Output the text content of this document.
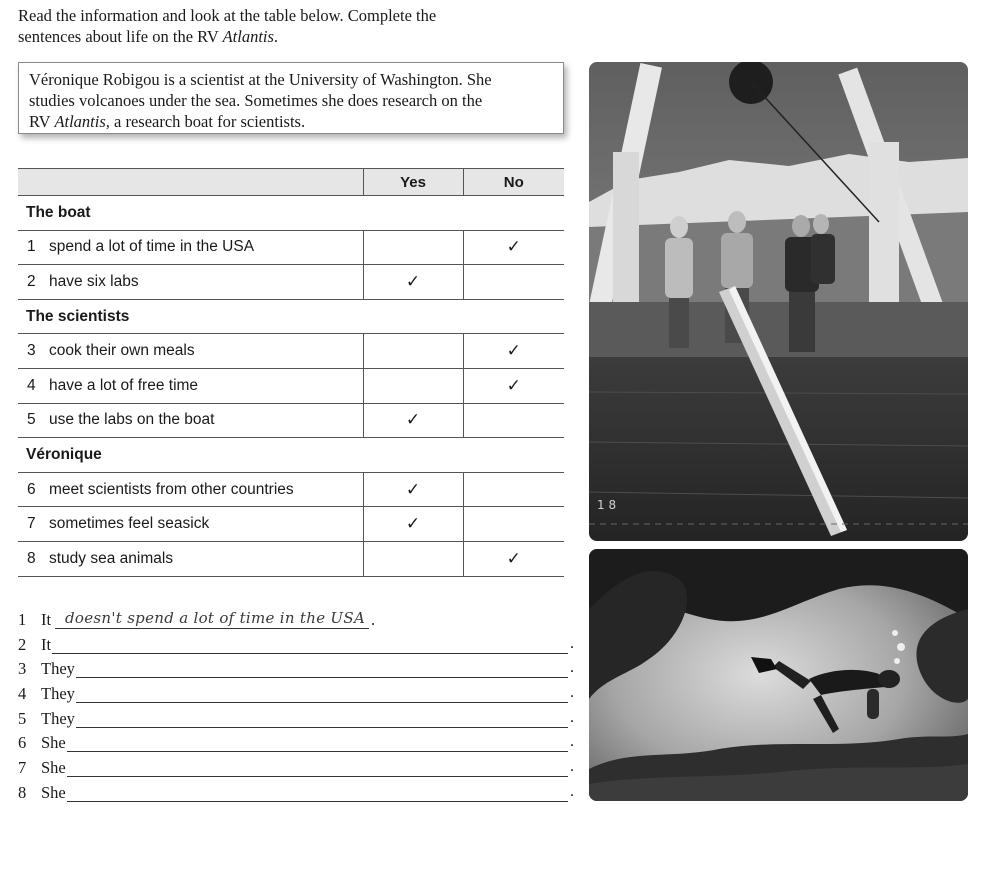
Read the information and look at the table below. Complete the
sentences about life on the RV Atlantis.
Véronique Robigou is a scientist at the University of Washington. She
studies volcanoes under the sea. Sometimes she does research on the
RV Atlantis, a research boat for scientists.
	Yes	No
The boat		
1 spend a lot of time in the USA		✓
2 have six labs	✓	
The scientists		
3 cook their own meals		✓
4 have a lot of free time		✓
5 use the labs on the boat	✓	
Véronique		
6 meet scientists from other countries	✓	
7 sometimes feel seasick	✓	
8 study sea animals		✓
1 It doesn't spend a lot of time in the USA .
2 It	.
3 They	.
4 They	.
5 They	.
6 She	.
7 She	.
8 She	.
1 8
